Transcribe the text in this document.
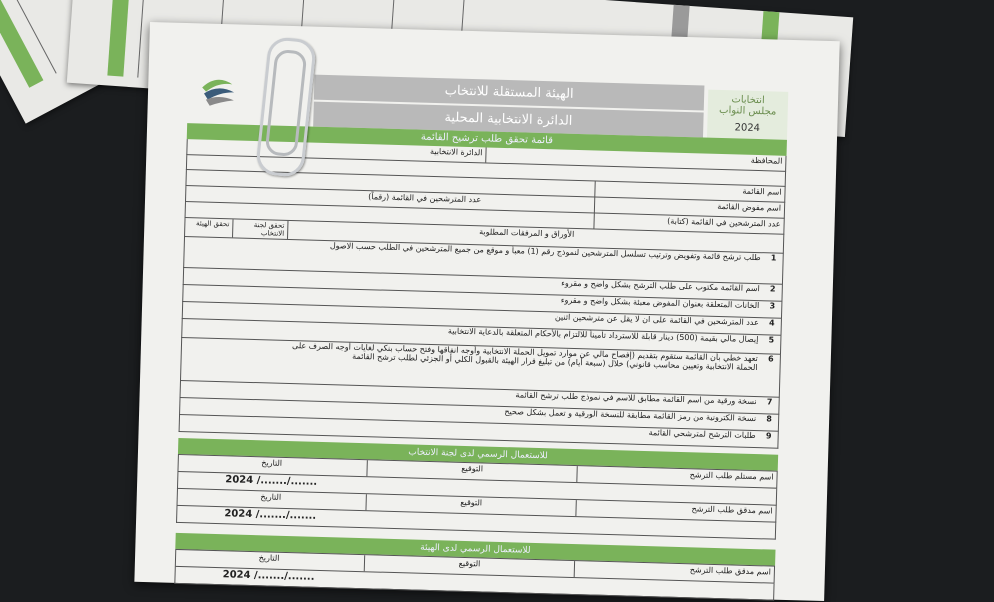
انتخابات
مجلس النواب
2024
الهيئة المستقلة للانتخاب
الدائرة الانتخابية المحلية
قائمة تحقق طلب ترشيح القائمة
المحافظة
الدائرة الانتخابية
اسم القائمة
اسم مفوض القائمة
عدد المترشحين في القائمة (رقماً)
عدد المترشحين في القائمة (كتابة)
الأوراق و المرفقات المطلوبة
تحقق لجنة الانتخاب
تحقق الهيئة
1
طلب ترشح قائمة وتفويض وترتيب تسلسل المترشحين لنموذج رقم (1) معبأ و موقع من جميع المترشحين في الطلب حسب الاصول
2
اسم القائمة مكتوب على طلب الترشح بشكل واضح و مقروء
3
الخانات المتعلقة بعنوان المفوض معبئة بشكل واضح و مقروء
4
عدد المترشحين في القائمة على ان لا يقل عن مترشحين اثنين
5
إيصال مالي بقيمة (500) دينار قابلة للاسترداد تأميناً للالتزام بالأحكام المتعلقة بالدعاية الانتخابية
6
تعهد خطي بأن القائمة ستقوم بتقديم (إفصاح مالي عن موارد تمويل الحملة الانتخابية وأوجه انفاقها وفتح حساب بنكي لغايات أوجه الصرف على الحملة الانتخابية وتعيين محاسب قانوني) خلال (سبعة أيام) من تبليغ قرار الهيئة بالقبول الكلي أو الجزئي لطلب ترشح القائمة
7
نسخة ورقية من اسم القائمة مطابق للاسم في نموذج طلب ترشح القائمة
8
نسخة الكترونية من رمز القائمة مطابقة للنسخة الورقية و تعمل بشكل صحيح
9
طلبات الترشح لمترشحي القائمة
للاستعمال الرسمي لدى لجنة الانتخاب
اسم مستلم طلب الترشح
التوقيع
التاريخ
2024 /......./.......
اسم مدقق طلب الترشح
التوقيع
التاريخ
2024 /......./.......
للاستعمال الرسمي لدى الهيئة
اسم مدقق طلب الترشح
التوقيع
التاريخ
2024 /......./.......
